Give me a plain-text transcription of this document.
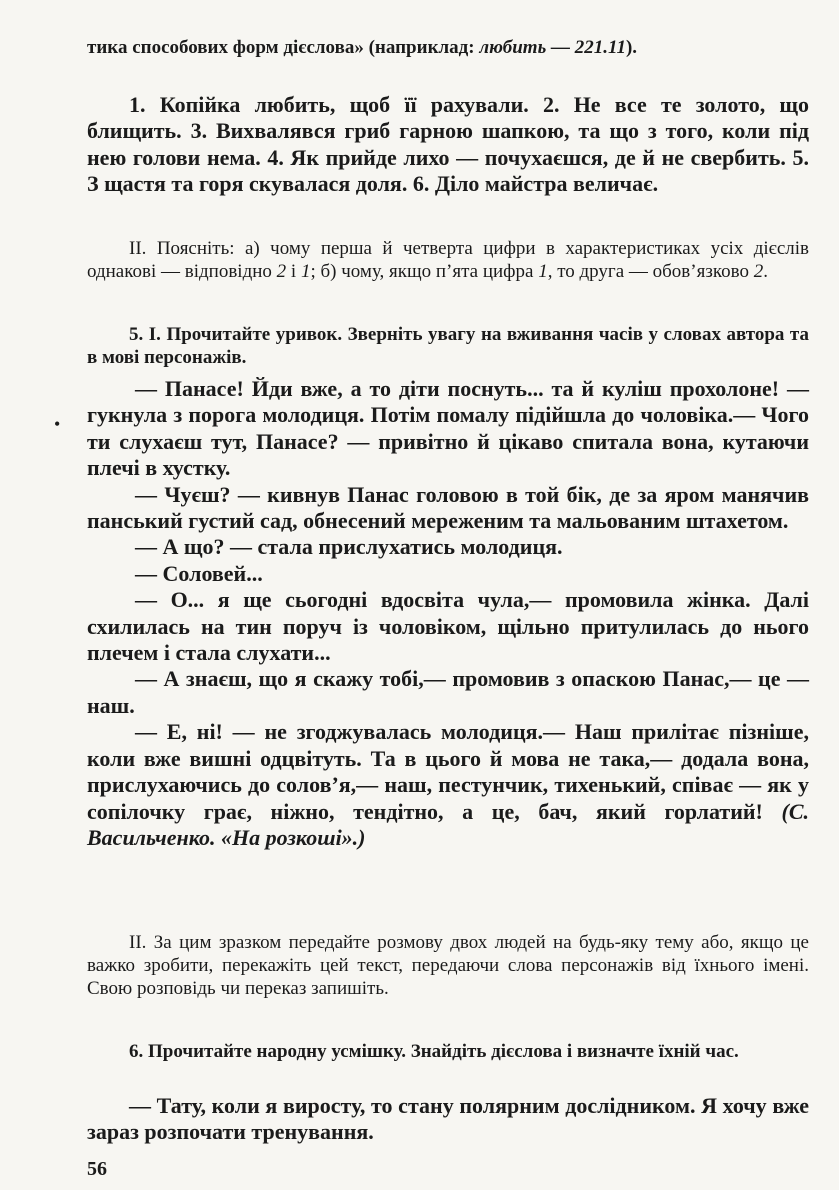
тика способових форм дієслова» (наприклад: любить — 221.11).

1. Копійка любить, щоб її рахували. 2. Не все те золото, що блищить. 3. Вихвалявся гриб гарною шапкою, та що з того, коли під нею голови нема. 4. Як прийде лихо — почухаєшся, де й не свербить. 5. З щастя та горя скувалася доля. 6. Діло майстра величає.

II. Поясніть: а) чому перша й четверта цифри в характеристиках усіх дієслів однакові — відповідно 2 і 1; б) чому, якщо п’ята цифра 1, то друга — обов’язково 2.

5. I. Прочитайте уривок. Зверніть увагу на вживання часів у словах автора та в мові персонажів.

•

— Панасе! Йди вже, а то діти поснуть... та й куліш прохолоне! — гукнула з порога молодиця. Потім помалу підійшла до чоловіка.— Чого ти слухаєш тут, Панасе? — привітно й цікаво спитала вона, кутаючи плечі в хустку.

— Чуєш? — кивнув Панас головою в той бік, де за яром манячив панський густий сад, обнесений мереженим та мальованим штахетом.

— А що? — стала прислухатись молодиця.

— Соловей...

— О... я ще сьогодні вдосвіта чула,— промовила жінка. Далі схилилась на тин поруч із чоловіком, щільно притулилась до нього плечем і стала слухати...

— А знаєш, що я скажу тобі,— промовив з опаскою Панас,— це — наш.

— Е, ні! — не згоджувалась молодиця.— Наш прилітає пізніше, коли вже вишні одцвітуть. Та в цього й мова не така,— додала вона, прислухаючись до солов’я,— наш, пестунчик, тихенький, співає — як у сопілочку грає, ніжно, тендітно, а це, бач, який горлатий! (С. Васильченко. «На розкоші».)

II. За цим зразком передайте розмову двох людей на будь-яку тему або, якщо це важко зробити, перекажіть цей текст, передаючи слова персонажів від їхнього імені. Свою розповідь чи переказ запишіть.

6. Прочитайте народну усмішку. Знайдіть дієслова і визначте їхній час.

— Тату, коли я виросту, то стану полярним дослідником. Я хочу вже зараз розпочати тренування.

56
